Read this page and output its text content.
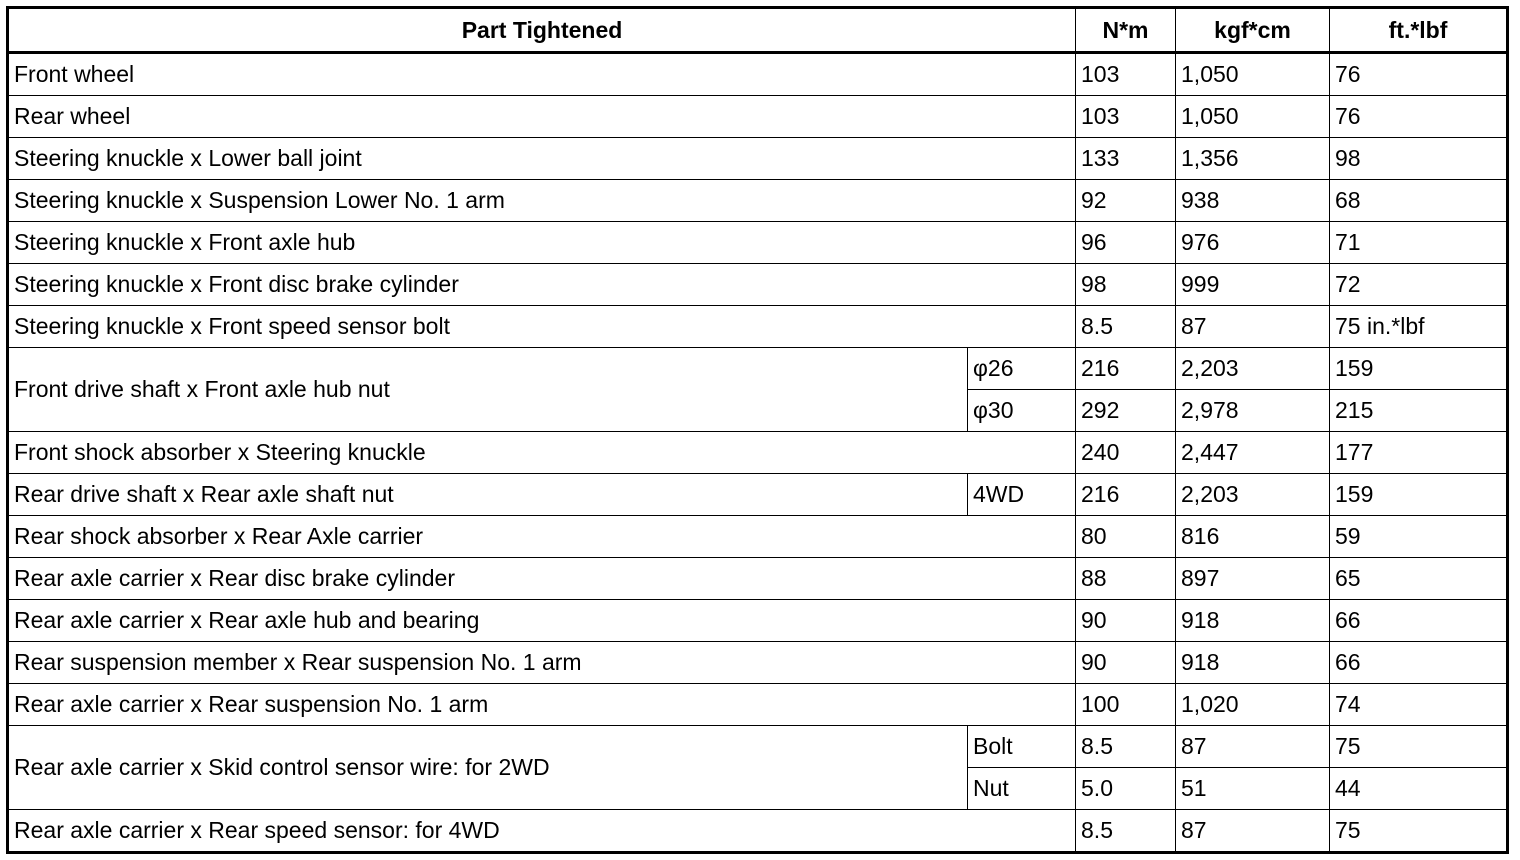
Part Tightened		N*m	kgf*cm	ft.*lbf
Front wheel		103	1,050	76
Rear wheel		103	1,050	76
Steering knuckle x Lower ball joint		133	1,356	98
Steering knuckle x Suspension Lower No. 1 arm		92	938	68
Steering knuckle x Front axle hub		96	976	71
Steering knuckle x Front disc brake cylinder		98	999	72
Steering knuckle x Front speed sensor bolt		8.5	87	75 in.*lbf
Front drive shaft x Front axle hub nut	φ26	216	2,203	159
	φ30	292	2,978	215
Front shock absorber x Steering knuckle		240	2,447	177
Rear drive shaft x Rear axle shaft nut	4WD	216	2,203	159
Rear shock absorber x Rear Axle carrier		80	816	59
Rear axle carrier x Rear disc brake cylinder		88	897	65
Rear axle carrier x Rear axle hub and bearing		90	918	66
Rear suspension member x Rear suspension No. 1 arm		90	918	66
Rear axle carrier x Rear suspension No. 1 arm		100	1,020	74
Rear axle carrier x Skid control sensor wire: for 2WD	Bolt	8.5	87	75
	Nut	5.0	51	44
Rear axle carrier x Rear speed sensor: for 4WD		8.5	87	75
